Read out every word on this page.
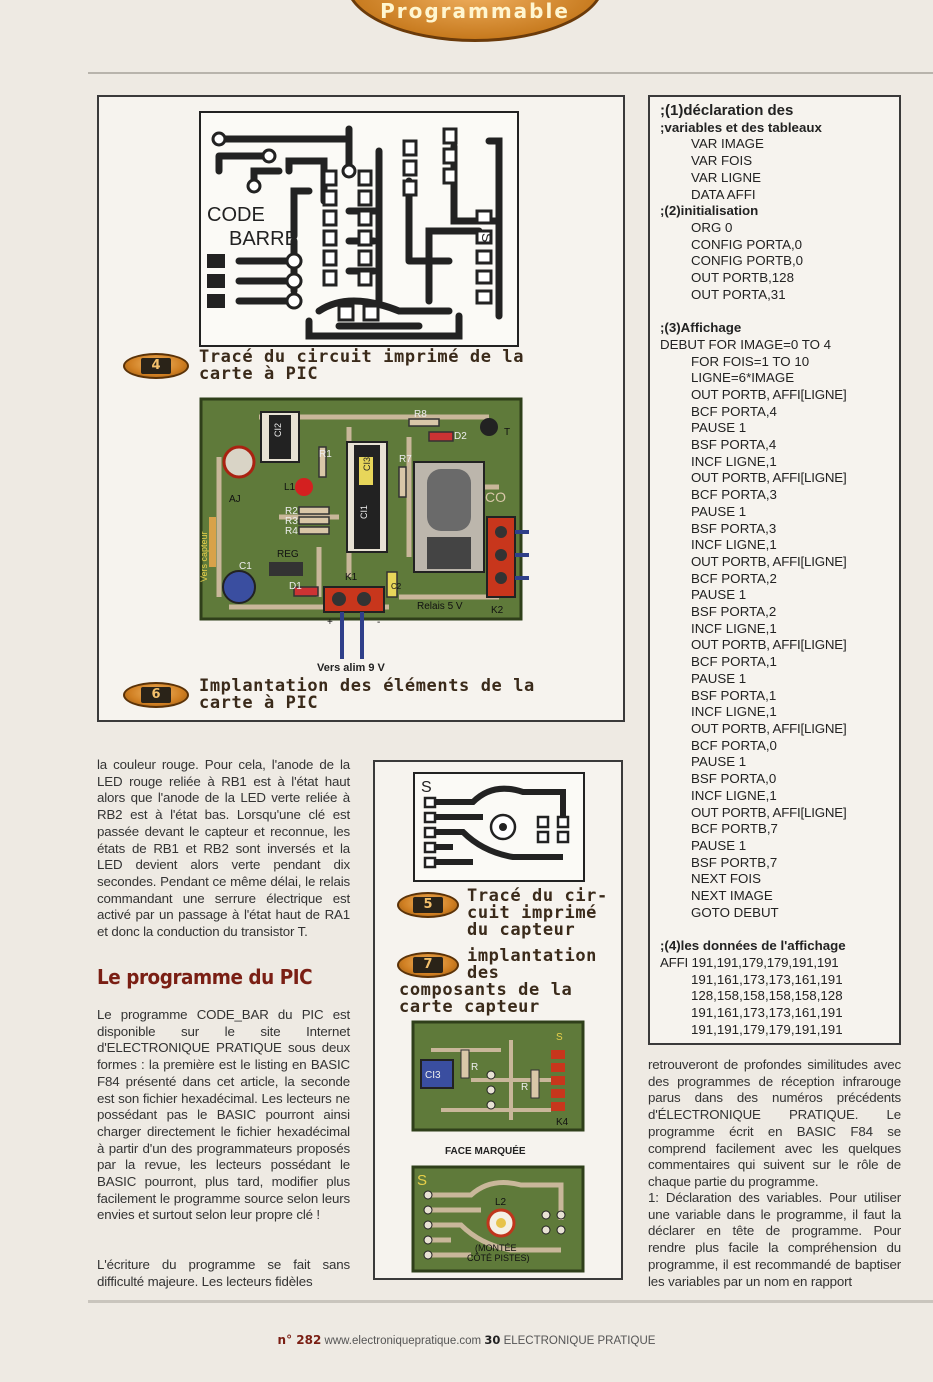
Programmable
CODE
BARRE	S
4	Tracé du circuit imprimé de la
carte à PIC
CI2
CI3
CI1
R8
D2	T
R1	R7
AJ
L1
R2
R3
R4
Vers capteur	REG
C1
D1
K1
C2
Relais 5 V	K2
+	-
CO
Vers alim 9 V
6	Implantation des éléments de la
carte à PIC
;(1)déclaration des
;variables et des tableaux
VAR IMAGE
VAR FOIS
VAR LIGNE
DATA AFFI
;(2)initialisation
ORG 0
CONFIG PORTA,0
CONFIG PORTB,0
OUT PORTB,128
OUT PORTA,31
;(3)Affichage
DEBUT FOR IMAGE=0 TO 4
FOR FOIS=1 TO 10
LIGNE=6*IMAGE
OUT PORTB, AFFI[LIGNE]
BCF PORTA,4
PAUSE 1
BSF PORTA,4
INCF LIGNE,1
OUT PORTB, AFFI[LIGNE]
BCF PORTA,3
PAUSE 1
BSF PORTA,3
INCF LIGNE,1
OUT PORTB, AFFI[LIGNE]
BCF PORTA,2
PAUSE 1
BSF PORTA,2
INCF LIGNE,1
OUT PORTB, AFFI[LIGNE]
BCF PORTA,1
PAUSE 1
BSF PORTA,1
INCF LIGNE,1
OUT PORTB, AFFI[LIGNE]
BCF PORTA,0
PAUSE 1
BSF PORTA,0
INCF LIGNE,1
OUT PORTB, AFFI[LIGNE]
BCF PORTB,7
PAUSE 1
BSF PORTB,7
NEXT FOIS
NEXT IMAGE
GOTO DEBUT
;(4)les données de l'affichage
AFFI 191,191,179,179,191,191
191,161,173,173,161,191
128,158,158,158,158,128
191,161,173,173,161,191
191,191,179,179,191,191
la couleur rouge. Pour cela, l'anode de la LED rouge reliée à RB1 est à l'état haut alors que l'anode de la LED verte reliée à RB2 est à l'état bas. Lorsqu'une clé est passée devant le capteur et reconnue, les états de RB1 et RB2 sont inversés et la LED devient alors verte pendant dix secondes. Pendant ce même délai, le relais commandant une serrure électrique est activé par un passage à l'état haut de RA1 et donc la conduction du transistor T.
Le programme du PIC
Le programme CODE_BAR du PIC est disponible sur le site Internet d'ELECTRONIQUE PRATIQUE sous deux formes : la première est le listing en BASIC F84 présenté dans cet article, la seconde est son fichier hexadécimal. Les lecteurs ne possédant pas le BASIC pourront ainsi charger directement le fichier hexadécimal à partir d'un des programmateurs proposés par la revue, les lecteurs possédant le BASIC pourront, plus tard, modifier plus facilement le programme source selon leurs envies et surtout selon leur propre clé !
L'écriture du programme se fait sans difficulté majeure. Les lecteurs fidèles
S
5	Tracé du cir-
cuit imprimé
du capteur
7	implantation
des
composants de la
carte capteur
CI3
R
R
K4
S
FACE MARQUÉE
S
L2
(MONTÉE
CÔTÉ PISTES)
retrouveront de profondes similitudes avec des programmes de réception infrarouge parus dans des numéros précédents d'ÉLECTRONIQUE PRATIQUE. Le programme écrit en BASIC F84 se comprend facilement avec les quelques commentaires qui suivent sur le rôle de chaque partie du programme.
1: Déclaration des variables. Pour utiliser une variable dans le programme, il faut la déclarer en tête de programme. Pour rendre plus facile la compréhension du programme, il est recommandé de baptiser les variables par un nom en rapport
n° 282 www.electroniquepratique.com 30 ELECTRONIQUE PRATIQUE
